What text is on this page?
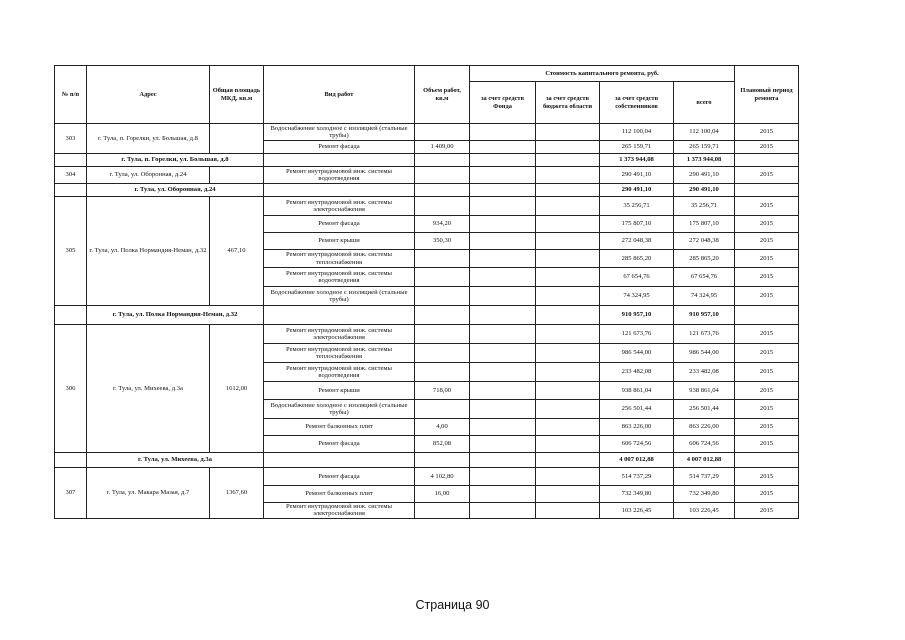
№ п/п	Адрес	Общая площадь МКД, кв.м	Вид работ	Объем работ, кв.м	Стоимость капитального ремонта, руб.				Плановый период ремонта
					за счет средств Фонда	за счет средств бюджета области	за счет средств собственников	всего	
303	г. Тула, п. Горелки, ул. Большая, д.8		Водоснабжение холодное с изоляцией (стальные трубы)				112 100,04	112 100,04	2015
			Ремонт фасада	1 409,00			265 159,71	265 159,71	2015
	г. Тула, п. Горелки, ул. Большая, д.8						1 373 944,08	1 373 944,08	
304	г. Тула, ул. Оборонная, д.24		Ремонт внутридомовой инж. системы водоотведения				290 491,10	290 491,10	2015
	г. Тула, ул. Оборонная, д.24						290 491,10	290 491,10	
305	г. Тула, ул. Полка Нормандия-Неман, д.32	467,10	Ремонт внутридомовой инж. системы электроснабжения				35 256,71	35 256,71	2015
			Ремонт фасада	934,20			175 807,10	175 807,10	2015
			Ремонт крыши	350,30			272 048,38	272 048,38	2015
			Ремонт внутридомовой инж. системы теплоснабжения				285 865,20	285 865,20	2015
			Ремонт внутридомовой инж. системы водоотведения				67 654,76	67 654,76	2015
			Водоснабжение холодное с изоляцией (стальные трубы)				74 324,95	74 324,95	2015
	г. Тула, ул. Полка Нормандия-Неман, д.32						910 957,10	910 957,10	
306	г. Тула, ул. Михеева, д.3а	1612,00	Ремонт внутридомовой инж. системы электроснабжения				121 673,76	121 673,76	2015
			Ремонт внутридомовой инж. системы теплоснабжения				986 544,00	986 544,00	2015
			Ремонт внутридомовой инж. системы водоотведения				233 482,08	233 482,08	2015
			Ремонт крыши	718,00			938 861,04	938 861,04	2015
			Водоснабжение холодное с изоляцией (стальные трубы)				256 501,44	256 501,44	2015
			Ремонт балконных плит	4,00			863 226,00	863 226,00	2015
			Ремонт фасада	852,08			606 724,56	606 724,56	2015
	г. Тула, ул. Михеева, д.3а						4 007 012,88	4 007 012,88	
307	г. Тула, ул. Макара Мазая, д.7	1367,60	Ремонт фасада	4 102,80			514 737,29	514 737,29	2015
			Ремонт балконных плит	16,00			732 349,80	732 349,80	2015
			Ремонт внутридомовой инж. системы электроснабжения				103 226,45	103 226,45	2015
Страница 90
